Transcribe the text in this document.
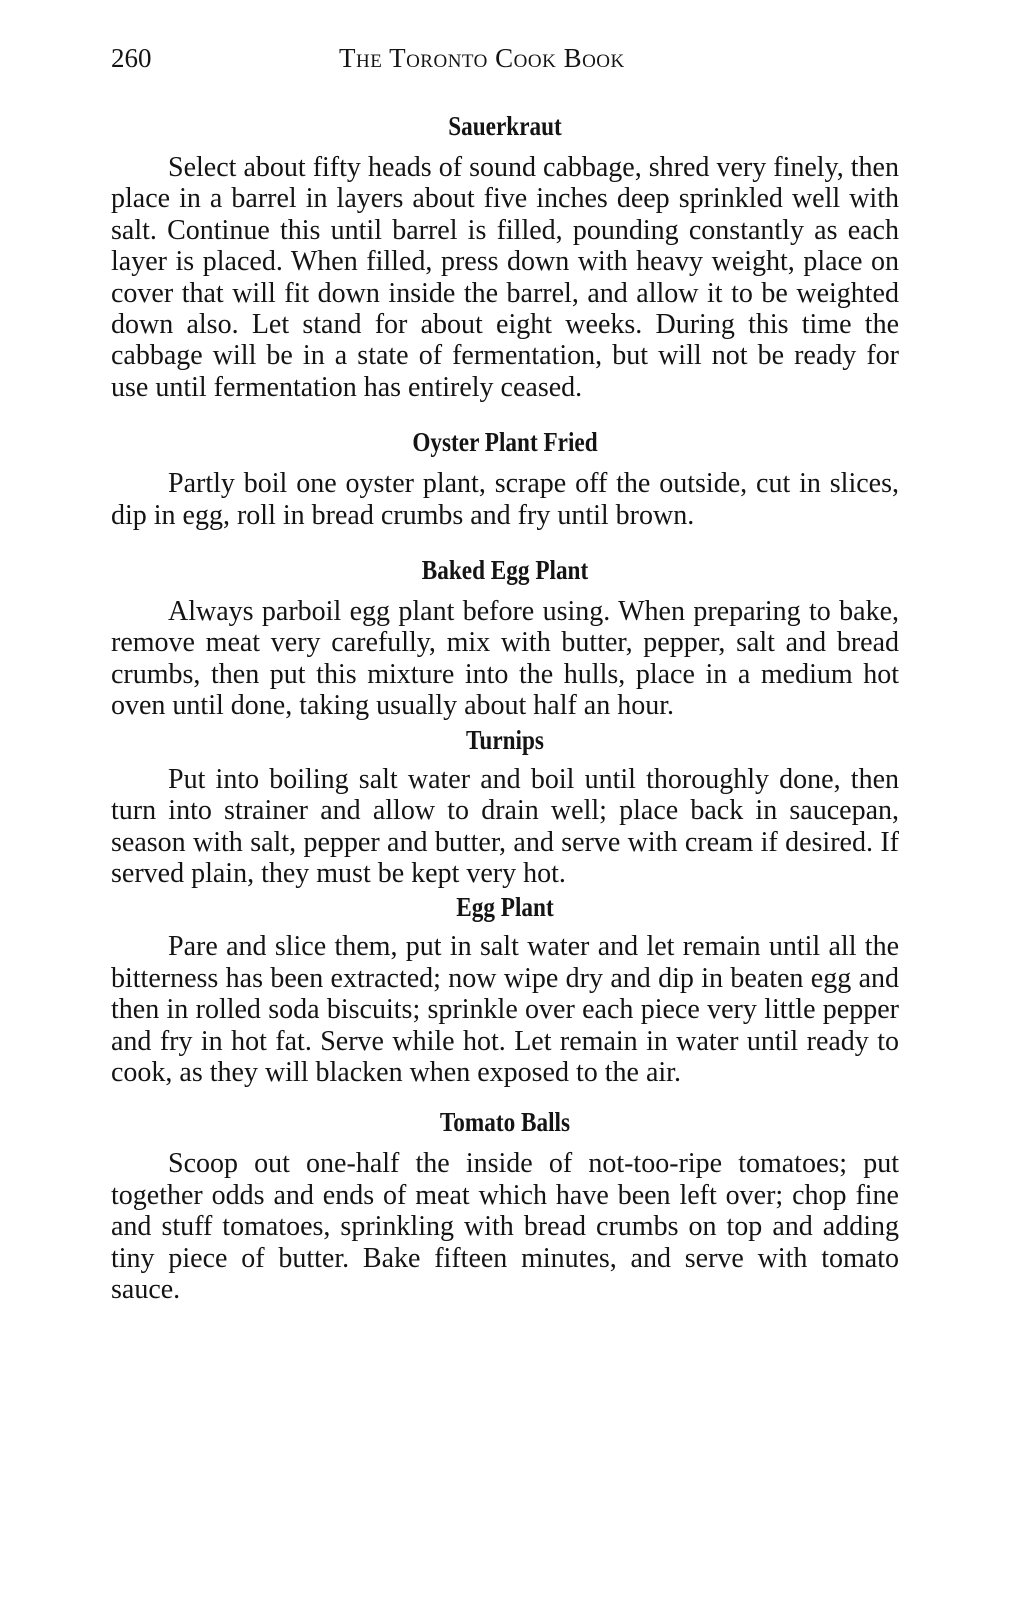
260	The Toronto Cook Book
Sauerkraut

Select about fifty heads of sound cabbage, shred very finely, then place in a barrel in layers about five inches deep sprinkled well with salt. Continue this until barrel is filled, pounding constantly as each layer is placed. When filled, press down with heavy weight, place on cover that will fit down inside the barrel, and allow it to be weighted down also. Let stand for about eight weeks. During this time the cabbage will be in a state of fermentation, but will not be ready for use until fermentation has entirely ceased.

Oyster Plant Fried

Partly boil one oyster plant, scrape off the outside, cut in slices, dip in egg, roll in bread crumbs and fry until brown.

Baked Egg Plant

Always parboil egg plant before using. When preparing to bake, remove meat very carefully, mix with butter, pepper, salt and bread crumbs, then put this mixture into the hulls, place in a medium hot oven until done, taking usually about half an hour.

Turnips

Put into boiling salt water and boil until thoroughly done, then turn into strainer and allow to drain well; place back in saucepan, season with salt, pepper and butter, and serve with cream if desired. If served plain, they must be kept very hot.

Egg Plant

Pare and slice them, put in salt water and let remain until all the bitterness has been extracted; now wipe dry and dip in beaten egg and then in rolled soda biscuits; sprinkle over each piece very little pepper and fry in hot fat. Serve while hot. Let remain in water until ready to cook, as they will blacken when exposed to the air.

Tomato Balls

Scoop out one-half the inside of not-too-ripe tomatoes; put together odds and ends of meat which have been left over; chop fine and stuff tomatoes, sprinkling with bread crumbs on top and adding tiny piece of butter. Bake fifteen minutes, and serve with tomato sauce.
